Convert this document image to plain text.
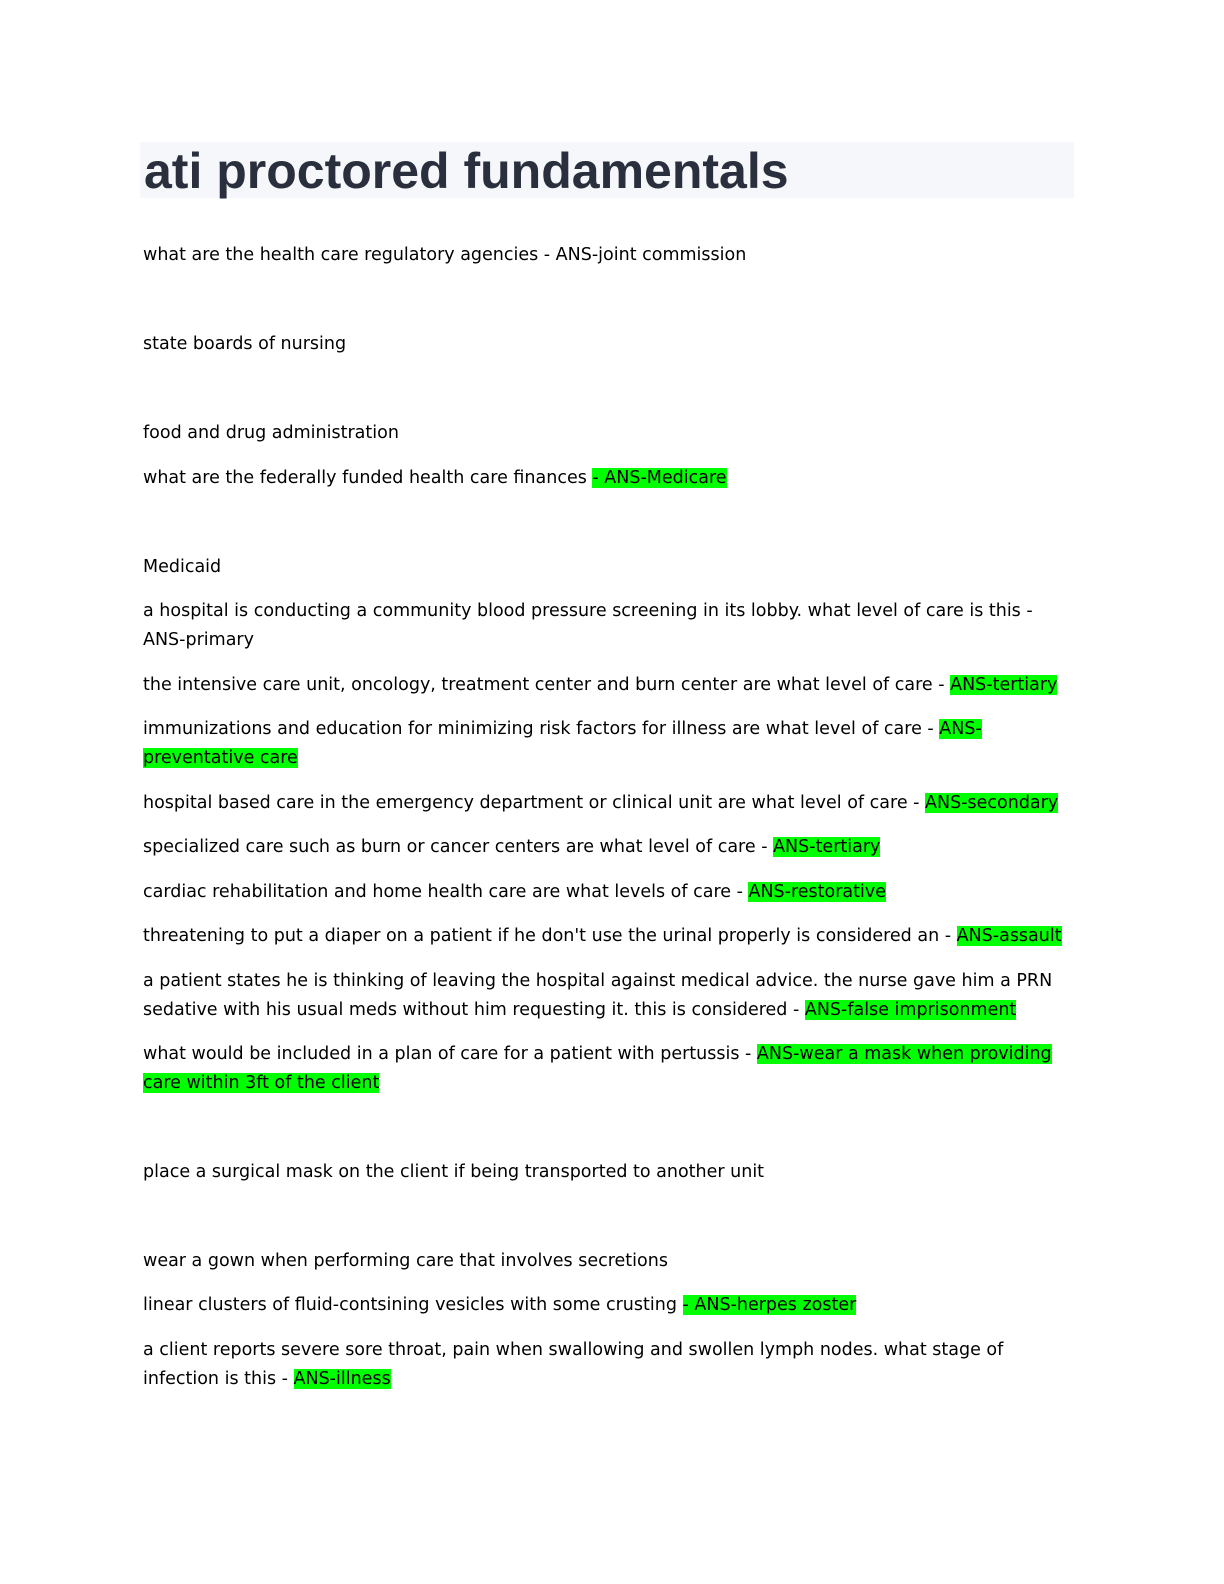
ati proctored fundamentals

what are the health care regulatory agencies - ANS-joint commission

state boards of nursing

food and drug administration

what are the federally funded health care finances - ANS-Medicare

Medicaid

a hospital is conducting a community blood pressure screening in its lobby. what level of care is this -

ANS-primary

the intensive care unit, oncology, treatment center and burn center are what level of care - ANS-tertiary

immunizations and education for minimizing risk factors for illness are what level of care - ANS-

preventative care

hospital based care in the emergency department or clinical unit are what level of care - ANS-secondary

specialized care such as burn or cancer centers are what level of care - ANS-tertiary

cardiac rehabilitation and home health care are what levels of care - ANS-restorative

threatening to put a diaper on a patient if he don't use the urinal properly is considered an - ANS-assault

a patient states he is thinking of leaving the hospital against medical advice. the nurse gave him a PRN

sedative with his usual meds without him requesting it. this is considered - ANS-false imprisonment

what would be included in a plan of care for a patient with pertussis - ANS-wear a mask when providing

care within 3ft of the client

place a surgical mask on the client if being transported to another unit

wear a gown when performing care that involves secretions

linear clusters of fluid-contsining vesicles with some crusting - ANS-herpes zoster

a client reports severe sore throat, pain when swallowing and swollen lymph nodes. what stage of

infection is this - ANS-illness
